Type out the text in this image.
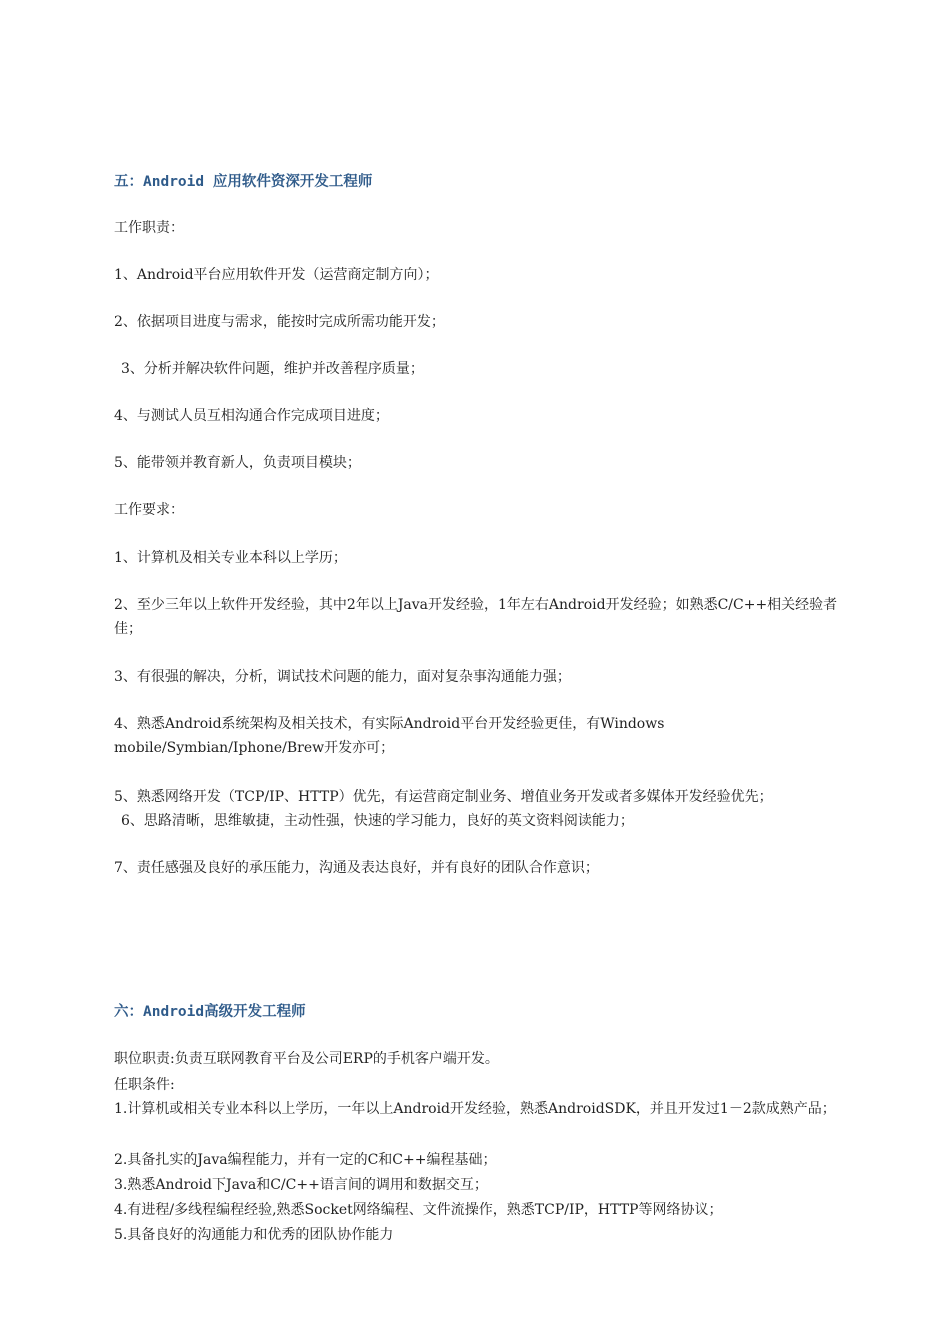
五：Android 应用软件资深开发工程师
工作职责：
1、Android平台应用软件开发（运营商定制方向）；
2、依据项目进度与需求，能按时完成所需功能开发；
3、分析并解决软件问题，维护并改善程序质量；
4、与测试人员互相沟通合作完成项目进度；
5、能带领并教育新人，负责项目模块；
工作要求：
1、计算机及相关专业本科以上学历；
2、至少三年以上软件开发经验，其中2年以上Java开发经验，1年左右Android开发经验；如熟悉C/C++相关经验者佳；
3、有很强的解决，分析，调试技术问题的能力，面对复杂事沟通能力强；
4、熟悉Android系统架构及相关技术，有实际Android平台开发经验更佳，有Windows mobile/Symbian/Iphone/Brew开发亦可；
5、熟悉网络开发（TCP/IP、HTTP）优先，有运营商定制业务、增值业务开发或者多媒体开发经验优先；
6、思路清晰，思维敏捷，主动性强，快速的学习能力，良好的英文资料阅读能力；
7、责任感强及良好的承压能力，沟通及表达良好，并有良好的团队合作意识；
六：Android高级开发工程师
职位职责:负责互联网教育平台及公司ERP的手机客户端开发。
任职条件:
1.计算机或相关专业本科以上学历，一年以上Android开发经验，熟悉AndroidSDK，并且开发过1－2款成熟产品；
2.具备扎实的Java编程能力，并有一定的C和C++编程基础；
3.熟悉Android下Java和C/C++语言间的调用和数据交互；
4.有进程/多线程编程经验,熟悉Socket网络编程、文件流操作，熟悉TCP/IP，HTTP等网络协议；
5.具备良好的沟通能力和优秀的团队协作能力
